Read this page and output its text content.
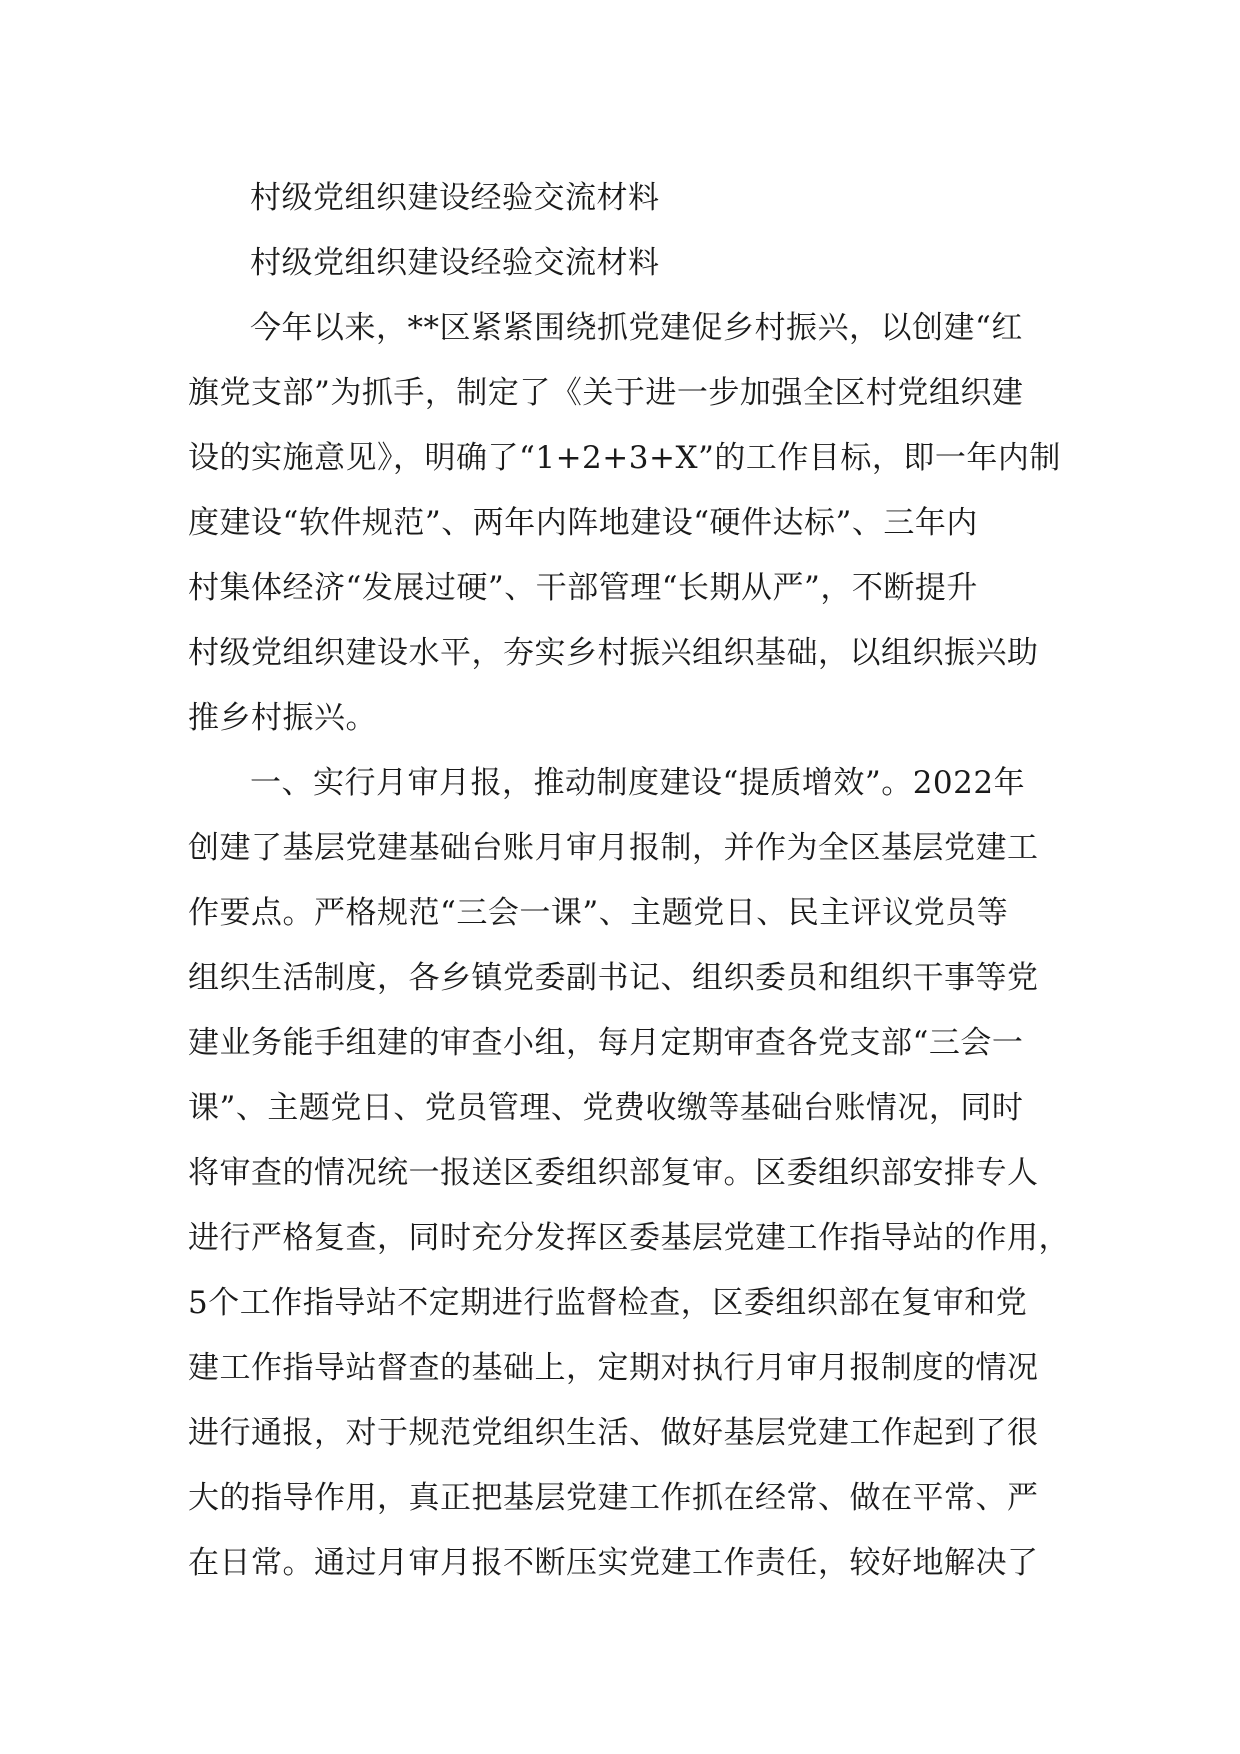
村级党组织建设经验交流材料
村级党组织建设经验交流材料
今年以来，**区紧紧围绕抓党建促乡村振兴，以创建“红
旗党支部”为抓手，制定了《关于进一步加强全区村党组织建
设的实施意见》，明确了“1+2+3+X”的工作目标，即一年内制
度建设“软件规范”、两年内阵地建设“硬件达标”、三年内
村集体经济“发展过硬”、干部管理“长期从严”，不断提升
村级党组织建设水平，夯实乡村振兴组织基础，以组织振兴助
推乡村振兴。
一、实行月审月报，推动制度建设“提质增效”。2022年
创建了基层党建基础台账月审月报制，并作为全区基层党建工
作要点。严格规范“三会一课”、主题党日、民主评议党员等
组织生活制度，各乡镇党委副书记、组织委员和组织干事等党
建业务能手组建的审查小组，每月定期审查各党支部“三会一
课”、主题党日、党员管理、党费收缴等基础台账情况，同时
将审查的情况统一报送区委组织部复审。区委组织部安排专人
进行严格复查，同时充分发挥区委基层党建工作指导站的作用，
5个工作指导站不定期进行监督检查，区委组织部在复审和党
建工作指导站督查的基础上，定期对执行月审月报制度的情况
进行通报，对于规范党组织生活、做好基层党建工作起到了很
大的指导作用，真正把基层党建工作抓在经常、做在平常、严
在日常。通过月审月报不断压实党建工作责任，较好地解决了
